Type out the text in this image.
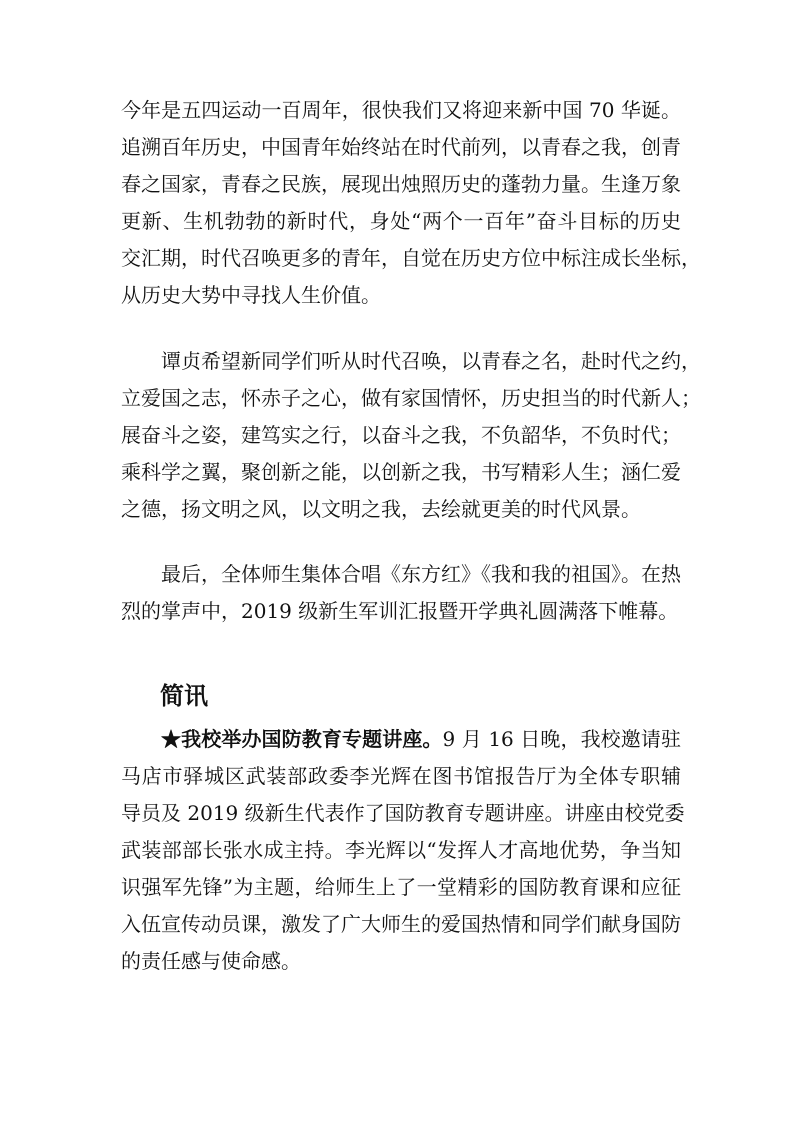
今年是五四运动一百周年，很快我们又将迎来新中国 70 华诞。
追溯百年历史，中国青年始终站在时代前列，以青春之我，创青
春之国家，青春之民族，展现出烛照历史的蓬勃力量。生逢万象
更新、生机勃勃的新时代，身处“两个一百年”奋斗目标的历史
交汇期，时代召唤更多的青年，自觉在历史方位中标注成长坐标，
从历史大势中寻找人生价值。
谭贞希望新同学们听从时代召唤，以青春之名，赴时代之约，
立爱国之志，怀赤子之心，做有家国情怀，历史担当的时代新人；
展奋斗之姿，建笃实之行，以奋斗之我，不负韶华，不负时代；
乘科学之翼，聚创新之能，以创新之我，书写精彩人生；涵仁爱
之德，扬文明之风，以文明之我，去绘就更美的时代风景。
最后，全体师生集体合唱《东方红》《我和我的祖国》。在热
烈的掌声中，2019 级新生军训汇报暨开学典礼圆满落下帷幕。
简讯
★我校举办国防教育专题讲座。9 月 16 日晚，我校邀请驻
马店市驿城区武装部政委李光辉在图书馆报告厅为全体专职辅
导员及 2019 级新生代表作了国防教育专题讲座。讲座由校党委
武装部部长张水成主持。李光辉以“发挥人才高地优势，争当知
识强军先锋”为主题，给师生上了一堂精彩的国防教育课和应征
入伍宣传动员课，激发了广大师生的爱国热情和同学们献身国防
的责任感与使命感。
